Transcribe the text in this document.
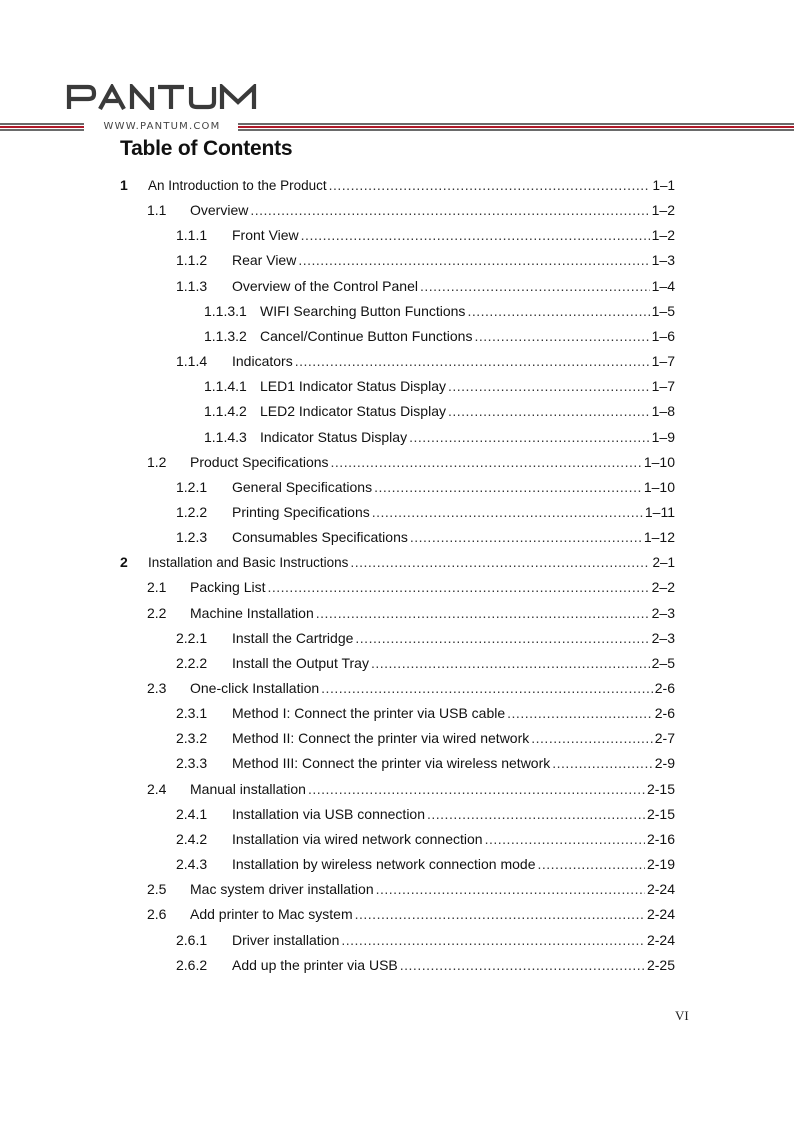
WWW.PANTUM.COM
Table of Contents
1	An Introduction to the Product .....	1–1
1.1	Overview .....	1–2
1.1.1	Front View .....	1–2
1.1.2	Rear View .....	1–3
1.1.3	Overview of the Control Panel .....	1–4
1.1.3.1 WIFI Searching Button Functions .....	1–5
1.1.3.2 Cancel/Continue Button Functions .....	1–6
1.1.4	Indicators .....	1–7
1.1.4.1 LED1 Indicator Status Display .....	1–7
1.1.4.2 LED2 Indicator Status Display .....	1–8
1.1.4.3 Indicator Status Display .....	1–9
1.2	Product Specifications .....	1–10
1.2.1	General Specifications .....	1–10
1.2.2	Printing Specifications .....	1–11
1.2.3	Consumables Specifications .....	1–12
2	Installation and Basic Instructions .....	2–1
2.1	Packing List .....	2–2
2.2	Machine Installation .....	2–3
2.2.1	Install the Cartridge .....	2–3
2.2.2	Install the Output Tray .....	2–5
2.3	One-click Installation .....	2-6
2.3.1	Method I: Connect the printer via USB cable .....	2-6
2.3.2	Method II: Connect the printer via wired network .....	2-7
2.3.3	Method III: Connect the printer via wireless network .....	2-9
2.4	Manual installation .....	2-15
2.4.1	Installation via USB connection .....	2-15
2.4.2	Installation via wired network connection .....	2-16
2.4.3	Installation by wireless network connection mode .....	2-19
2.5	Mac system driver installation .....	2-24
2.6	Add printer to Mac system .....	2-24
2.6.1	Driver installation .....	2-24
2.6.2	Add up the printer via USB .....	2-25
VI
